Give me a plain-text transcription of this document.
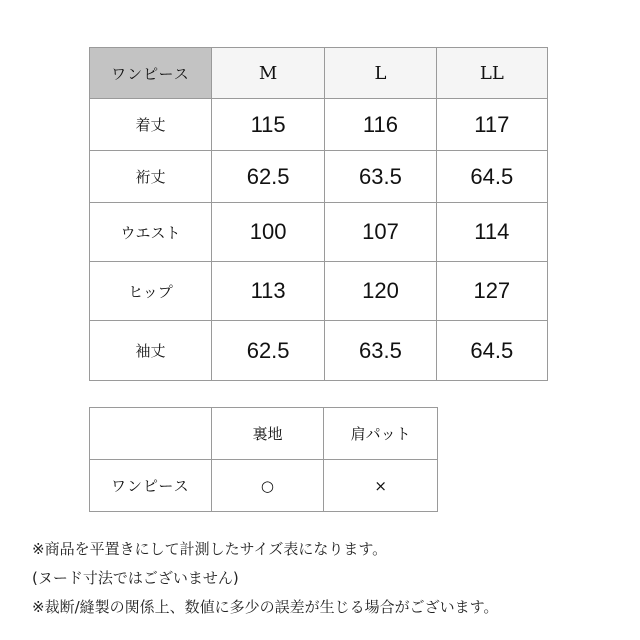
ワンピース	M	L	LL
着丈	115	116	117
裄丈	62.5	63.5	64.5
ウエスト	100	107	114
ヒップ	113	120	127
袖丈	62.5	63.5	64.5
	裏地	肩パット
ワンピース	○	×
※商品を平置きにして計測したサイズ表になります。
(ヌード寸法ではございません)
※裁断/縫製の関係上、数値に多少の誤差が生じる場合がございます。
